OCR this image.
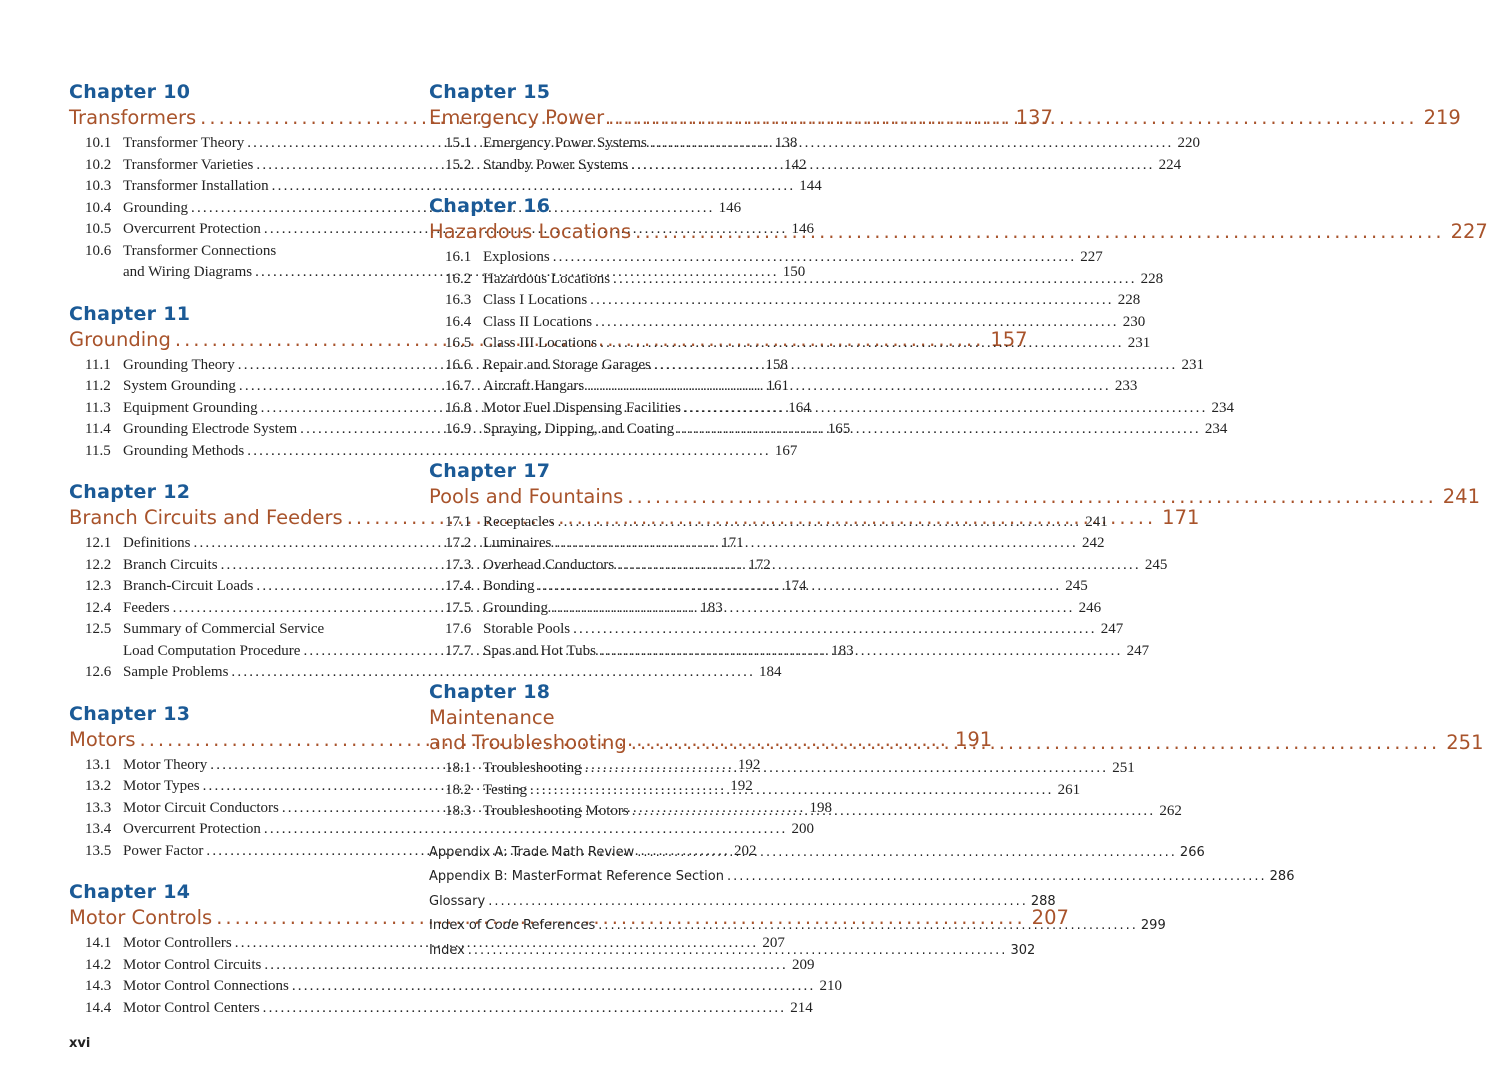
Chapter 10
Transformers .....	137
10.1 Transformer Theory .....	138
10.2 Transformer Varieties .....	142
10.3 Transformer Installation .....	144
10.4 Grounding .....	146
10.5 Overcurrent Protection .....	146
10.6 Transformer Connections
and Wiring Diagrams .....	150
Chapter 11
Grounding .....	157
11.1 Grounding Theory .....	158
11.2 System Grounding .....	161
11.3 Equipment Grounding .....	164
11.4 Grounding Electrode System .....	165
11.5 Grounding Methods .....	167
Chapter 12
Branch Circuits and Feeders .....	171
12.1 Definitions .....	171
12.2 Branch Circuits .....	172
12.3 Branch-Circuit Loads .....	174
12.4 Feeders .....	183
12.5 Summary of Commercial Service
Load Computation Procedure .....	183
12.6 Sample Problems .....	184
Chapter 13
Motors .....	191
13.1 Motor Theory .....	192
13.2 Motor Types .....	192
13.3 Motor Circuit Conductors .....	198
13.4 Overcurrent Protection .....	200
13.5 Power Factor .....	202
Chapter 14
Motor Controls .....	207
14.1 Motor Controllers .....	207
14.2 Motor Control Circuits .....	209
14.3 Motor Control Connections .....	210
14.4 Motor Control Centers .....	214
Chapter 15
Emergency Power .....	219
15.1 Emergency Power Systems .....	220
15.2 Standby Power Systems .....	224
Chapter 16
Hazardous Locations .....	227
16.1 Explosions .....	227
16.2 Hazardous Locations .....	228
16.3 Class I Locations .....	228
16.4 Class II Locations .....	230
16.5 Class III Locations .....	231
16.6 Repair and Storage Garages .....	231
16.7 Aircraft Hangars .....	233
16.8 Motor Fuel Dispensing Facilities .....	234
16.9 Spraying, Dipping, and Coating .....	234
Chapter 17
Pools and Fountains .....	241
17.1 Receptacles .....	241
17.2 Luminaires .....	242
17.3 Overhead Conductors .....	245
17.4 Bonding .....	245
17.5 Grounding .....	246
17.6 Storable Pools .....	247
17.7 Spas and Hot Tubs .....	247
Chapter 18
Maintenance
and Troubleshooting .....	251
18.1 Troubleshooting .....	251
18.2 Testing .....	261
18.3 Troubleshooting Motors .....	262
Appendix A: Trade Math Review .....	266
Appendix B: MasterFormat Reference Section .....	286
Glossary .....	288
Index of Code References .....	299
Index .....	302
xvi
